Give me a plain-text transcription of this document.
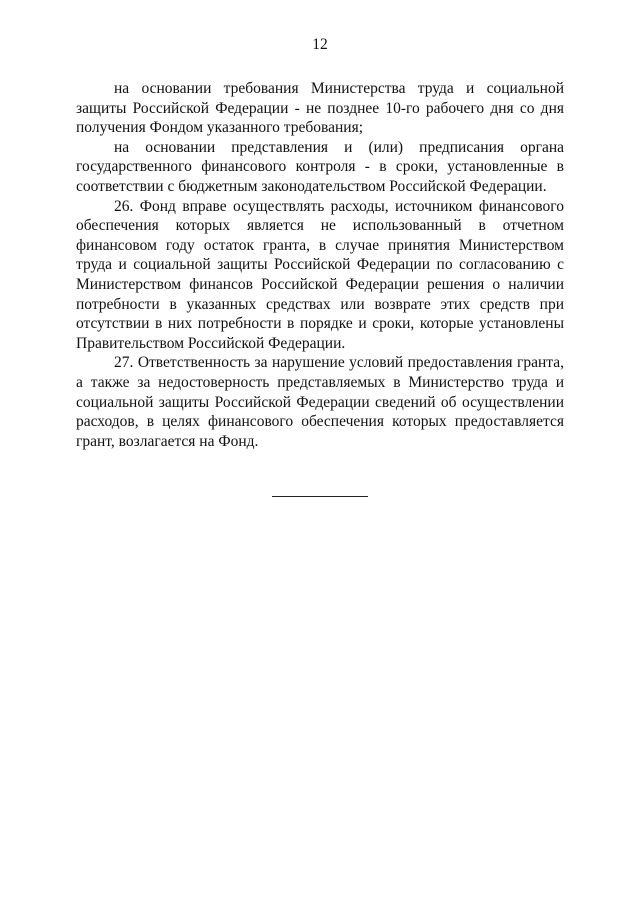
12

на основании требования Министерства труда и социальной защиты Российской Федерации - не позднее 10-го рабочего дня со дня получения Фондом указанного требования;

на основании представления и (или) предписания органа государственного финансового контроля - в сроки, установленные в соответствии с бюджетным законодательством Российской Федерации.

26. Фонд вправе осуществлять расходы, источником финансового обеспечения которых является не использованный в отчетном финансовом году остаток гранта, в случае принятия Министерством труда и социальной защиты Российской Федерации по согласованию с Министерством финансов Российской Федерации решения о наличии потребности в указанных средствах или возврате этих средств при отсутствии в них потребности в порядке и сроки, которые установлены Правительством Российской Федерации.

27. Ответственность за нарушение условий предоставления гранта, а также за недостоверность представляемых в Министерство труда и социальной защиты Российской Федерации сведений об осуществлении расходов, в целях финансового обеспечения которых предоставляется грант, возлагается на Фонд.
